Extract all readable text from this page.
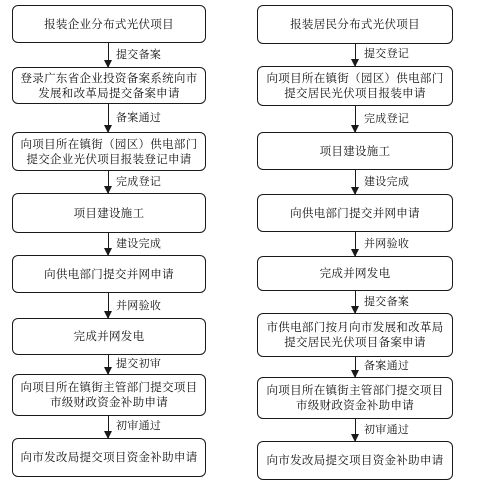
报装企业分布式光伏项目
提交备案
登录广东省企业投资备案系统向市
发展和改革局提交备案申请
备案通过
向项目所在镇街（园区）供电部门
提交企业光伏项目报装登记申请
完成登记
项目建设施工
建设完成
向供电部门提交并网申请
并网验收
完成并网发电
提交初审
向项目所在镇街主管部门提交项目
市级财政资金补助申请
初审通过
向市发改局提交项目资金补助申请
报装居民分布式光伏项目
提交登记
向项目所在镇街（园区）供电部门
提交居民光伏项目报装申请
完成登记
项目建设施工
建设完成
向供电部门提交并网申请
并网验收
完成并网发电
提交备案
市供电部门按月向市发展和改革局
提交居民光伏项目备案申请
备案通过
向项目所在镇街主管部门提交项目
市级财政资金补助申请
初审通过
向市发改局提交项目资金补助申请
